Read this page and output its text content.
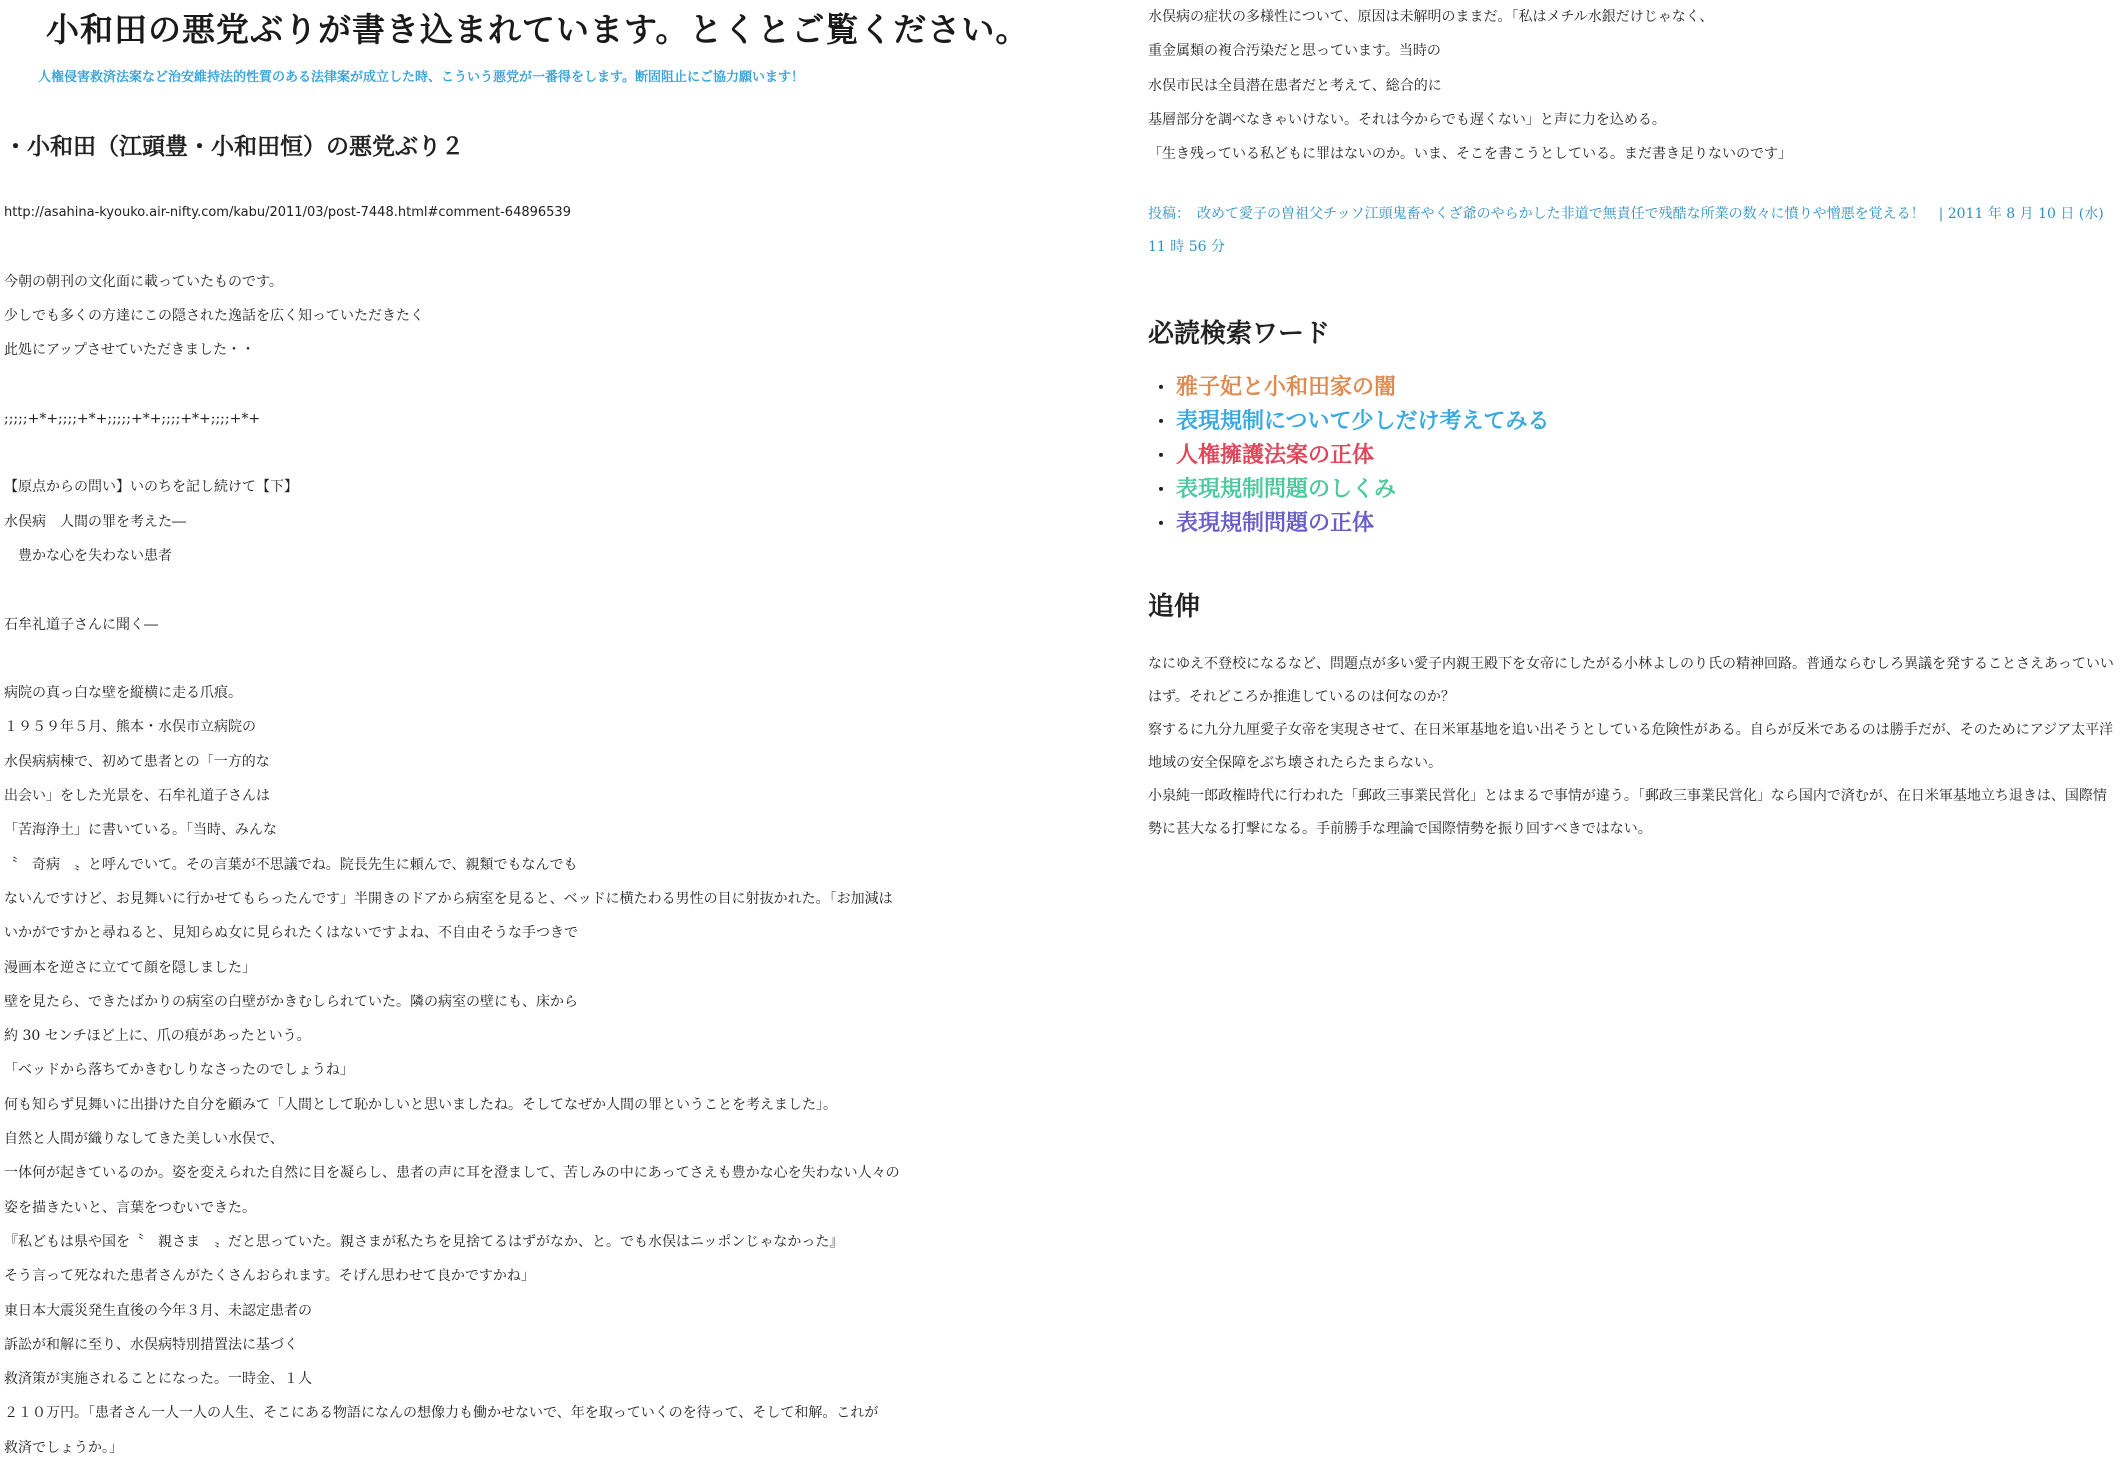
小和田の悪党ぶりが書き込まれています。とくとご覧ください。
人権侵害救済法案など治安維持法的性質のある法律案が成立した時、こういう悪党が一番得をします。断固阻止にご協力願います！
・小和田（江頭豊・小和田恒）の悪党ぶり２
http://asahina-kyouko.air-nifty.com/kabu/2011/03/post-7448.html#comment-64896539
今朝の朝刊の文化面に載っていたものです。
少しでも多くの方達にこの隠された逸話を広く知っていただきたく
此処にアップさせていただきました・・
;;;;;+*+;;;;+*+;;;;;+*+;;;;+*+;;;;+*+
【原点からの問い】いのちを記し続けて【下】
水俣病　人間の罪を考えた―
　豊かな心を失わない患者
石牟礼道子さんに聞く―
病院の真っ白な壁を縦横に走る爪痕。
１９５９年５月、熊本・水俣市立病院の
水俣病病棟で、初めて患者との「一方的な
出会い」をした光景を、石牟礼道子さんは
「苦海浄土」に書いている。「当時、みんな
〝　奇病　〟と呼んでいて。その言葉が不思議でね。院長先生に頼んで、親類でもなんでも
ないんですけど、お見舞いに行かせてもらったんです」半開きのドアから病室を見ると、ベッドに横たわる男性の目に射抜かれた。「お加減は
いかがですかと尋ねると、見知らぬ女に見られたくはないですよね、不自由そうな手つきで
漫画本を逆さに立てて顔を隠しました」
壁を見たら、できたばかりの病室の白壁がかきむしられていた。隣の病室の壁にも、床から
約 30 センチほど上に、爪の痕があったという。
「ベッドから落ちてかきむしりなさったのでしょうね」
何も知らず見舞いに出掛けた自分を顧みて「人間として恥かしいと思いましたね。そしてなぜか人間の罪ということを考えました」。
自然と人間が織りなしてきた美しい水俣で、
一体何が起きているのか。姿を変えられた自然に目を凝らし、患者の声に耳を澄まして、苦しみの中にあってさえも豊かな心を失わない人々の
姿を描きたいと、言葉をつむいできた。
『私どもは県や国を〝　親さま　〟だと思っていた。親さまが私たちを見捨てるはずがなか、と。でも水俣はニッポンじゃなかった』
そう言って死なれた患者さんがたくさんおられます。そげん思わせて良かですかね」
東日本大震災発生直後の今年３月、未認定患者の
訴訟が和解に至り、水俣病特別措置法に基づく
救済策が実施されることになった。一時金、１人
２１０万円。「患者さん一人一人の人生、そこにある物語になんの想像力も働かせないで、年を取っていくのを待って、そして和解。これが
救済でしょうか。」
水俣病の症状の多様性について、原因は未解明のままだ。「私はメチル水銀だけじゃなく、
重金属類の複合汚染だと思っています。当時の
水俣市民は全員潜在患者だと考えて、総合的に
基層部分を調べなきゃいけない。それは今からでも遅くない」と声に力を込める。
「生き残っている私どもに罪はないのか。いま、そこを書こうとしている。まだ書き足りないのです」
投稿：　改めて愛子の曽祖父チッソ江頭鬼畜やくざ爺のやらかした非道で無責任で残酷な所業の数々に憤りや憎悪を覚える！　| 2011 年 8 月 10 日 (水) 11 時 56 分
必読検索ワード
・ 雅子妃と小和田家の闇
・ 表現規制について少しだけ考えてみる
・ 人権擁護法案の正体
・ 表現規制問題のしくみ
・ 表現規制問題の正体
追伸

なにゆえ不登校になるなど、問題点が多い愛子内親王殿下を女帝にしたがる小林よしのり氏の精神回路。普通ならむしろ異議を発することさえあっていいはず。それどころか推進しているのは何なのか？

察するに九分九厘愛子女帝を実現させて、在日米軍基地を追い出そうとしている危険性がある。自らが反米であるのは勝手だが、そのためにアジア太平洋地域の安全保障をぶち壊されたらたまらない。

小泉純一郎政権時代に行われた「郵政三事業民営化」とはまるで事情が違う。「郵政三事業民営化」なら国内で済むが、在日米軍基地立ち退きは、国際情勢に甚大なる打撃になる。手前勝手な理論で国際情勢を振り回すべきではない。
